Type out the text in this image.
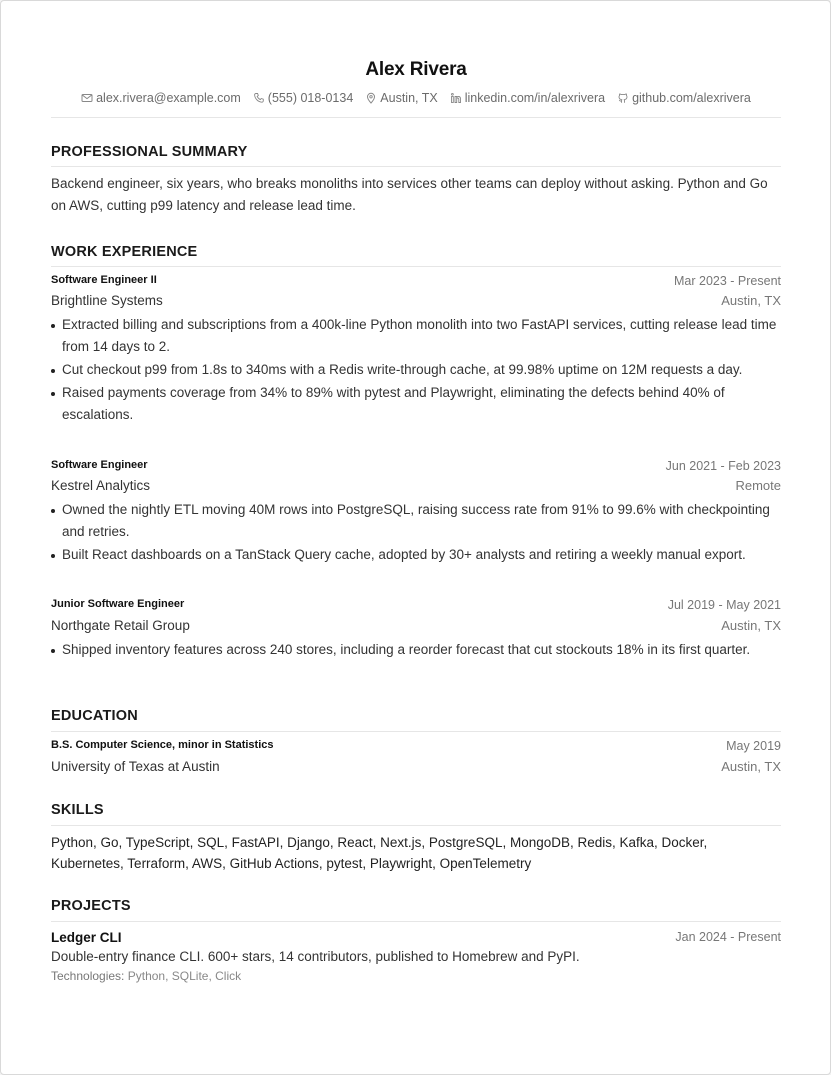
Alex Rivera
alex.rivera@example.com (555) 018-0134 Austin, TX linkedin.com/in/alexrivera github.com/alexrivera
PROFESSIONAL SUMMARY
Backend engineer, six years, who breaks monoliths into services other teams can deploy without asking. Python and Go on AWS, cutting p99 latency and release lead time.
WORK EXPERIENCE
Software Engineer II	Mar 2023 - Present
Brightline Systems	Austin, TX
Extracted billing and subscriptions from a 400k-line Python monolith into two FastAPI services, cutting release lead time from 14 days to 2.
Cut checkout p99 from 1.8s to 340ms with a Redis write-through cache, at 99.98% uptime on 12M requests a day.
Raised payments coverage from 34% to 89% with pytest and Playwright, eliminating the defects behind 40% of escalations.
Software Engineer	Jun 2021 - Feb 2023
Kestrel Analytics	Remote
Owned the nightly ETL moving 40M rows into PostgreSQL, raising success rate from 91% to 99.6% with checkpointing and retries.
Built React dashboards on a TanStack Query cache, adopted by 30+ analysts and retiring a weekly manual export.
Junior Software Engineer	Jul 2019 - May 2021
Northgate Retail Group	Austin, TX
Shipped inventory features across 240 stores, including a reorder forecast that cut stockouts 18% in its first quarter.
EDUCATION
B.S. Computer Science, minor in Statistics	May 2019
University of Texas at Austin	Austin, TX
SKILLS
Python, Go, TypeScript, SQL, FastAPI, Django, React, Next.js, PostgreSQL, MongoDB, Redis, Kafka, Docker, Kubernetes, Terraform, AWS, GitHub Actions, pytest, Playwright, OpenTelemetry
PROJECTS
Ledger CLI	Jan 2024 - Present
Double-entry finance CLI. 600+ stars, 14 contributors, published to Homebrew and PyPI.
Technologies: Python, SQLite, Click
